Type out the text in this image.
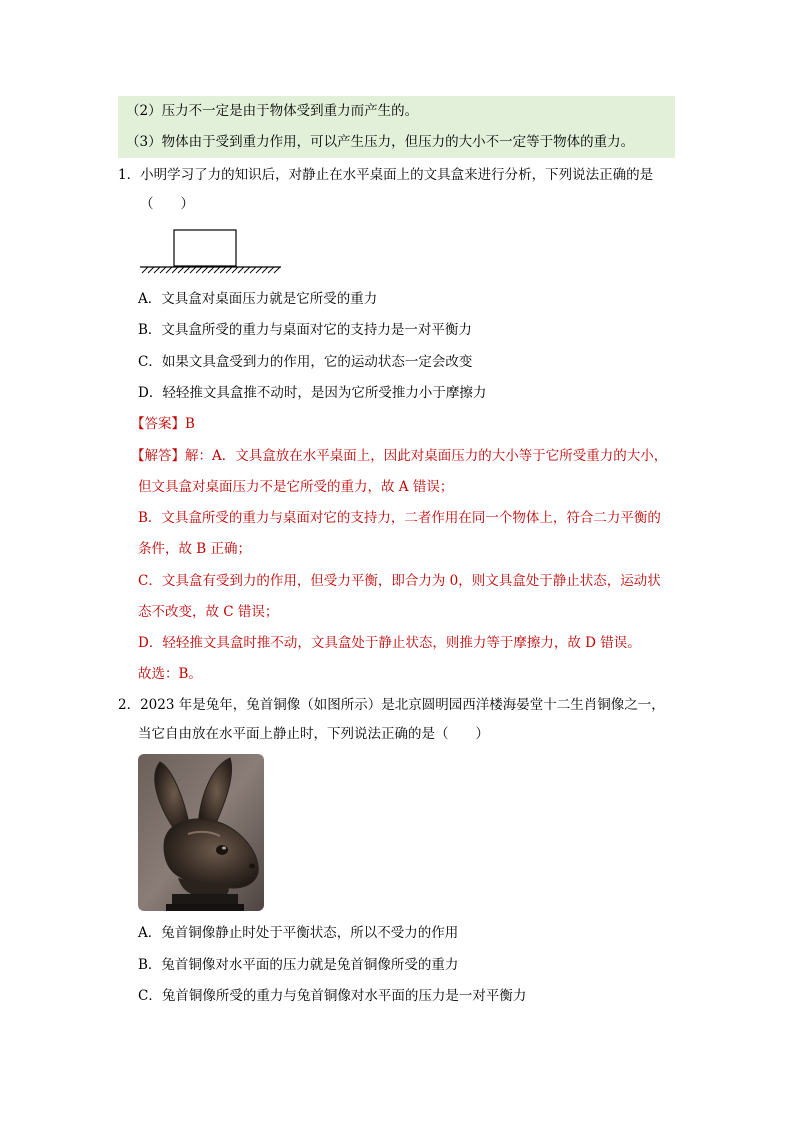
（2）压力不一定是由于物体受到重力而产生的。
（3）物体由于受到重力作用，可以产生压力，但压力的大小不一定等于物体的重力。
1．小明学习了力的知识后，对静止在水平桌面上的文具盒来进行分析，下列说法正确的是
（　　）
A．文具盒对桌面压力就是它所受的重力
B．文具盒所受的重力与桌面对它的支持力是一对平衡力
C．如果文具盒受到力的作用，它的运动状态一定会改变
D．轻轻推文具盒推不动时，是因为它所受推力小于摩擦力
【答案】B
【解答】解：A．文具盒放在水平桌面上，因此对桌面压力的大小等于它所受重力的大小，
但文具盒对桌面压力不是它所受的重力，故 A 错误；
B．文具盒所受的重力与桌面对它的支持力，二者作用在同一个物体上，符合二力平衡的
条件，故 B 正确；
C．文具盒有受到力的作用，但受力平衡，即合力为 0，则文具盒处于静止状态，运动状
态不改变，故 C 错误；
D．轻轻推文具盒时推不动，文具盒处于静止状态，则推力等于摩擦力，故 D 错误。
故选：B。
2．2023 年是兔年，兔首铜像（如图所示）是北京圆明园西洋楼海晏堂十二生肖铜像之一，
当它自由放在水平面上静止时，下列说法正确的是（　　）
A．兔首铜像静止时处于平衡状态，所以不受力的作用
B．兔首铜像对水平面的压力就是兔首铜像所受的重力
C．兔首铜像所受的重力与兔首铜像对水平面的压力是一对平衡力
